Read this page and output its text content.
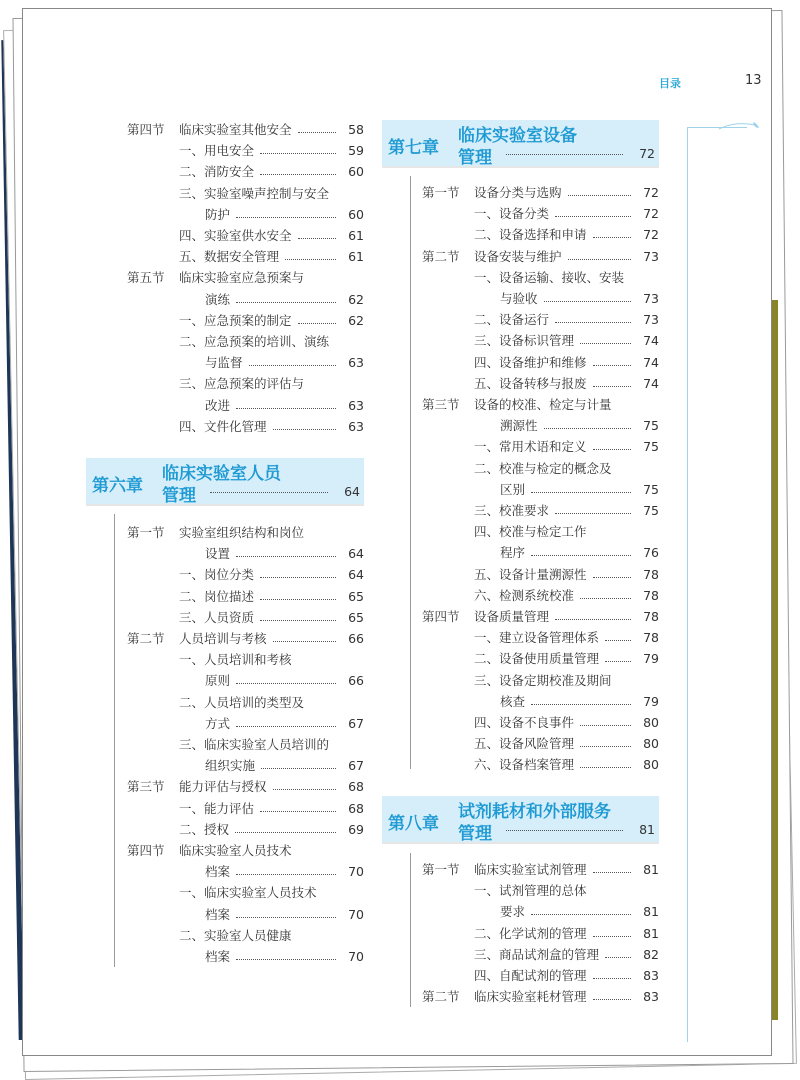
目录	13
第四节 临床实验室其他安全	58
一、用电安全	59
二、消防安全	60
三、实验室噪声控制与安全
防护	60
四、实验室供水安全	61
五、数据安全管理	61
第五节 临床实验室应急预案与
演练	62
一、应急预案的制定	62
二、应急预案的培训、演练
与监督	63
三、应急预案的评估与
改进	63
四、文件化管理	63
第六章
临床实验室人员
管理	64
第一节 实验室组织结构和岗位
设置	64
一、岗位分类	64
二、岗位描述	65
三、人员资质	65
第二节 人员培训与考核	66
一、人员培训和考核
原则	66
二、人员培训的类型及
方式	67
三、临床实验室人员培训的
组织实施	67
第三节 能力评估与授权	68
一、能力评估	68
二、授权	69
第四节 临床实验室人员技术
档案	70
一、临床实验室人员技术
档案	70
二、实验室人员健康
档案	70
第七章
临床实验室设备
管理	72
第一节 设备分类与选购	72
一、设备分类	72
二、设备选择和申请	72
第二节 设备安装与维护	73
一、设备运输、接收、安装
与验收	73
二、设备运行	73
三、设备标识管理	74
四、设备维护和维修	74
五、设备转移与报废	74
第三节 设备的校准、检定与计量
溯源性	75
一、常用术语和定义	75
二、校准与检定的概念及
区别	75
三、校准要求	75
四、校准与检定工作
程序	76
五、设备计量溯源性	78
六、检测系统校准	78
第四节 设备质量管理	78
一、建立设备管理体系	78
二、设备使用质量管理	79
三、设备定期校准及期间
核查	79
四、设备不良事件	80
五、设备风险管理	80
六、设备档案管理	80
第八章
试剂耗材和外部服务
管理	81
第一节 临床实验室试剂管理	81
一、试剂管理的总体
要求	81
二、化学试剂的管理	81
三、商品试剂盒的管理	82
四、自配试剂的管理	83
第二节 临床实验室耗材管理	83
